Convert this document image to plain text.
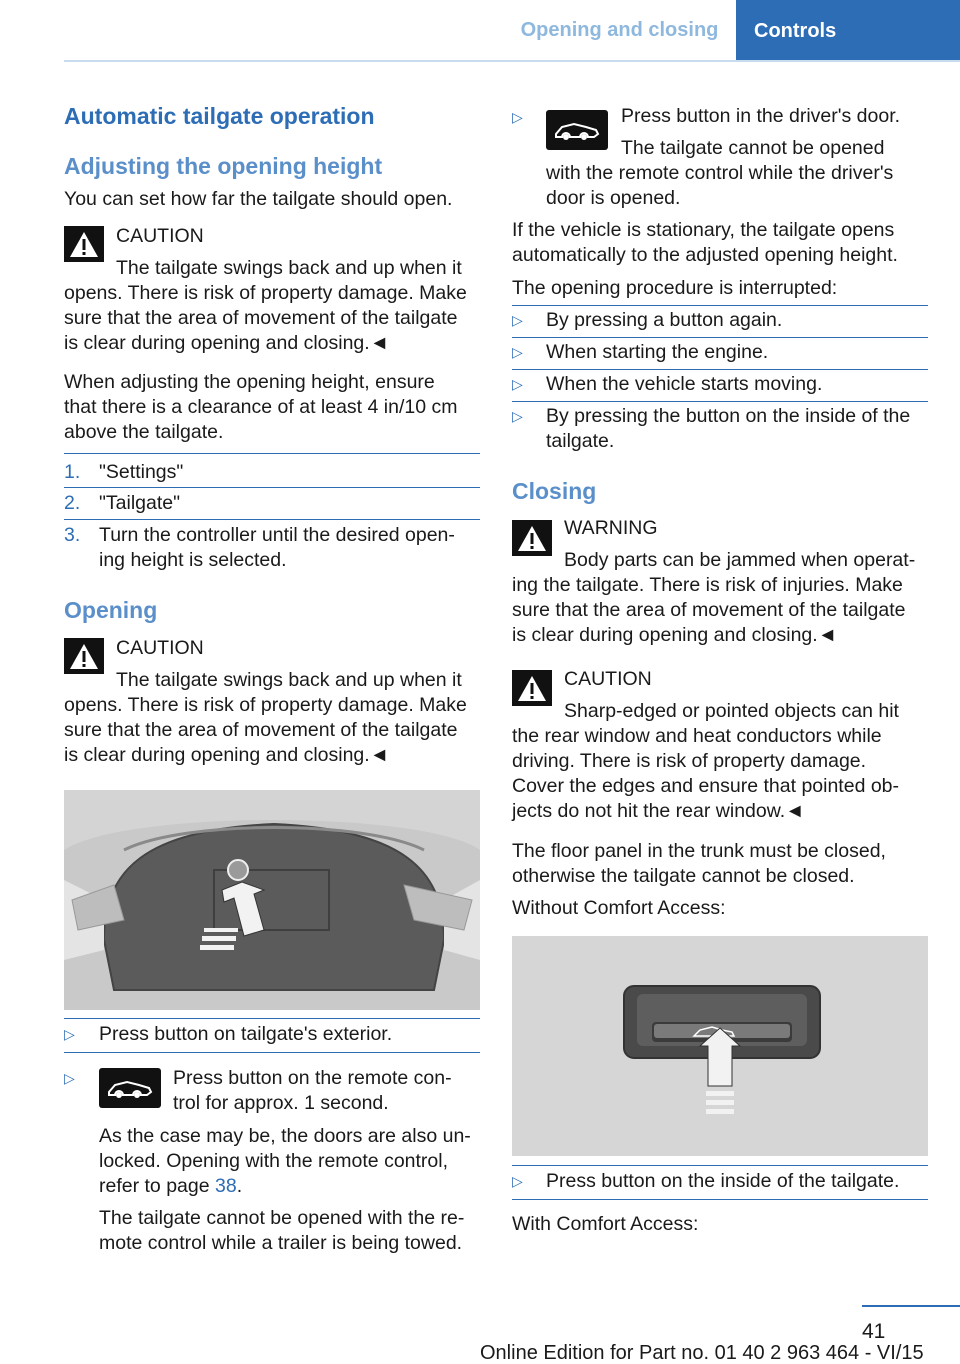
Opening and closing	Controls
Automatic tailgate operation
Adjusting the opening height
You can set how far the tailgate should open.
CAUTION
The tailgate swings back and up when it
opens. There is risk of property damage. Make
sure that the area of movement of the tailgate
is clear during opening and closing.◄
When adjusting the opening height, ensure
that there is a clearance of at least 4 in/10 cm
above the tailgate.
1. "Settings"
2. "Tailgate"
3. Turn the controller until the desired open-
ing height is selected.
Opening
CAUTION
The tailgate swings back and up when it
opens. There is risk of property damage. Make
sure that the area of movement of the tailgate
is clear during opening and closing.◄
▷	Press button on tailgate's exterior.
▷	Press button on the remote con-
trol for approx. 1 second.
As the case may be, the doors are also un-
locked. Opening with the remote control,
refer to page 38.
The tailgate cannot be opened with the re-
mote control while a trailer is being towed.
▷	Press button in the driver's door.
The tailgate cannot be opened
with the remote control while the driver's
door is opened.
If the vehicle is stationary, the tailgate opens
automatically to the adjusted opening height.
The opening procedure is interrupted:
▷	By pressing a button again.
▷	When starting the engine.
▷	When the vehicle starts moving.
▷	By pressing the button on the inside of the
tailgate.
Closing
WARNING
Body parts can be jammed when operat-
ing the tailgate. There is risk of injuries. Make
sure that the area of movement of the tailgate
is clear during opening and closing.◄
CAUTION
Sharp-edged or pointed objects can hit
the rear window and heat conductors while
driving. There is risk of property damage.
Cover the edges and ensure that pointed ob-
jects do not hit the rear window.◄
The floor panel in the trunk must be closed,
otherwise the tailgate cannot be closed.
Without Comfort Access:
▷	Press button on the inside of the tailgate.
With Comfort Access:
41
Online Edition for Part no. 01 40 2 963 464 - VI/15
